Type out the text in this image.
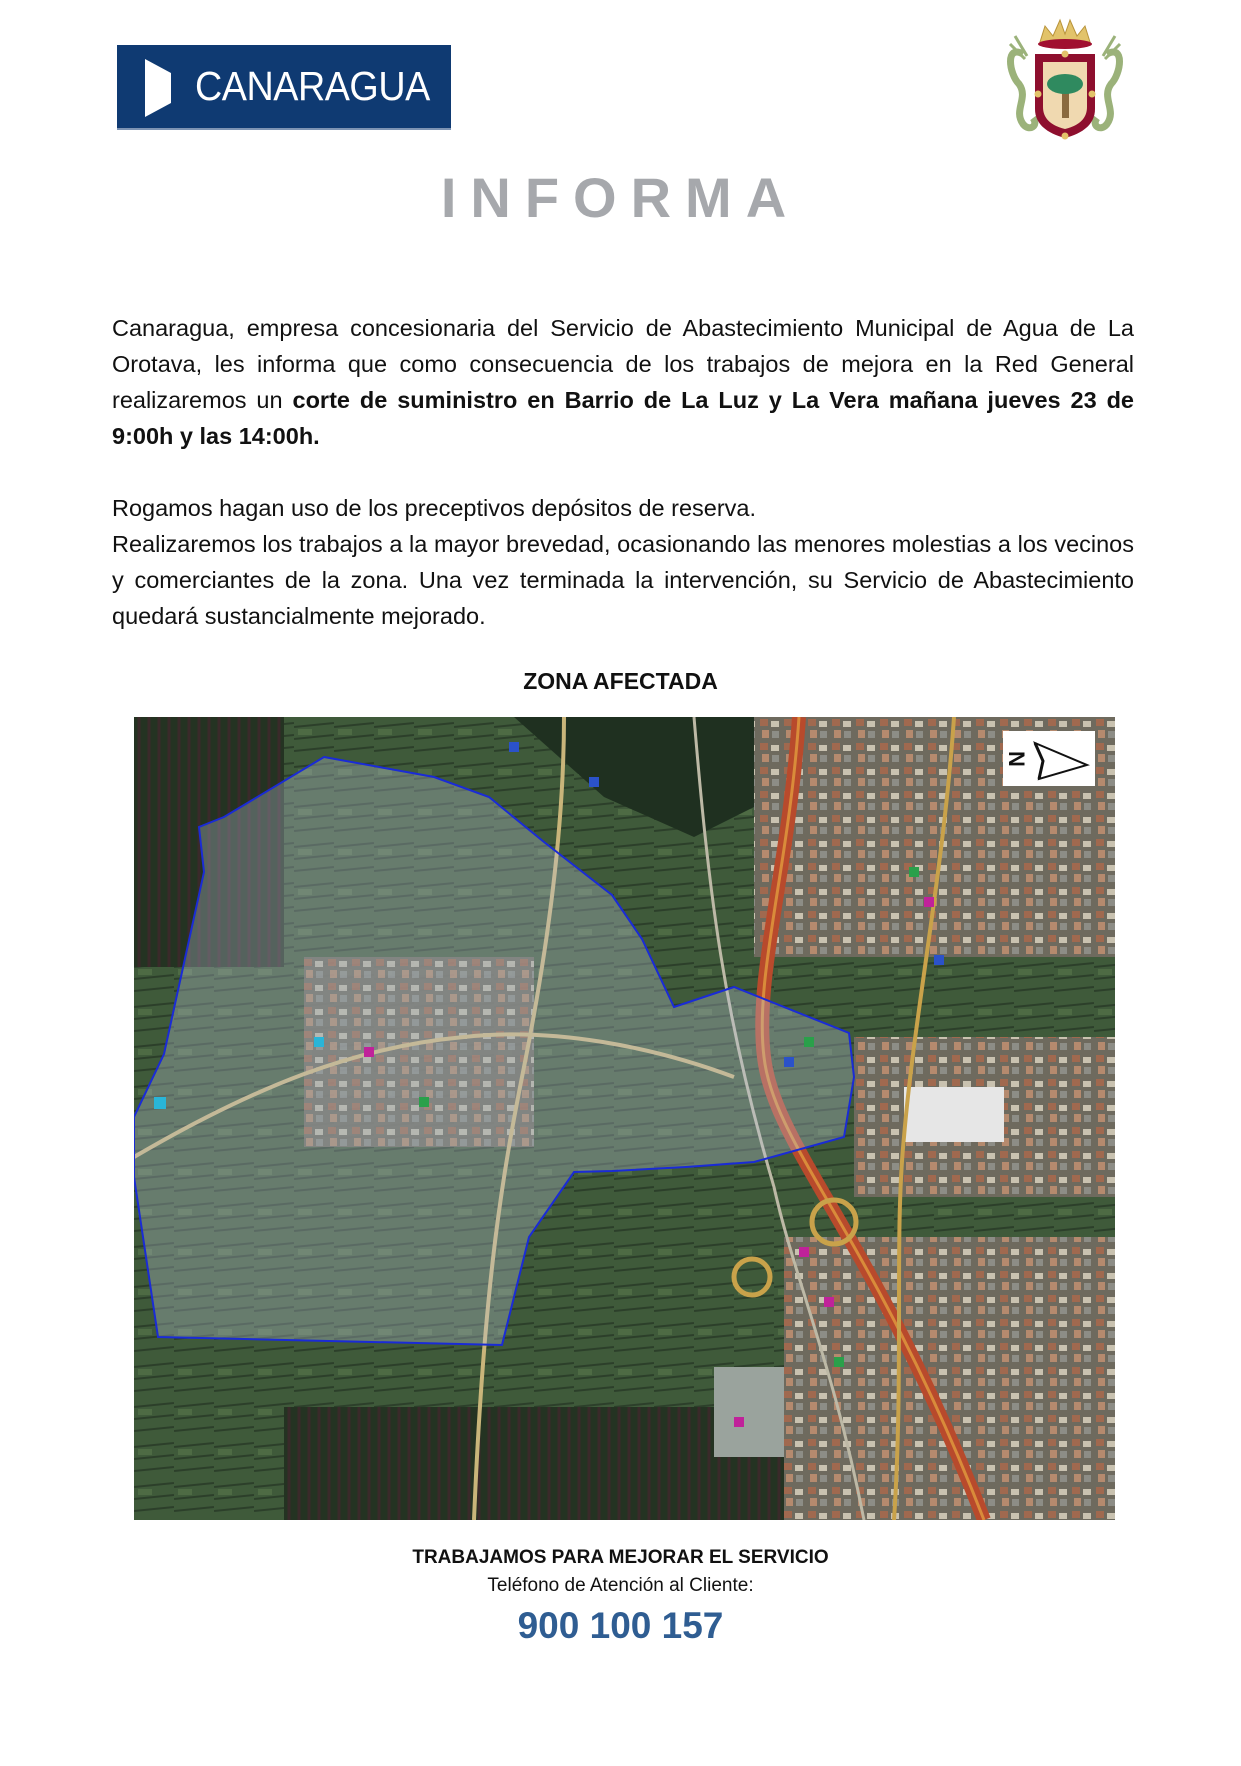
CANARAGUA
INFORMA
Canaragua, empresa concesionaria del Servicio de Abastecimiento Municipal de Agua de La Orotava, les informa que como consecuencia de los trabajos de mejora en la Red General realizaremos un corte de suministro en Barrio de La Luz y La Vera mañana jueves 23 de 9:00h y las 14:00h.
Rogamos hagan uso de los preceptivos depósitos de reserva.
Realizaremos los trabajos a la mayor brevedad, ocasionando las menores molestias a los vecinos y comerciantes de la zona. Una vez terminada la intervención, su Servicio de Abastecimiento quedará sustancialmente mejorado.
ZONA AFECTADA
N
TRABAJAMOS PARA MEJORAR EL SERVICIO
Teléfono de Atención al Cliente:
900 100 157
